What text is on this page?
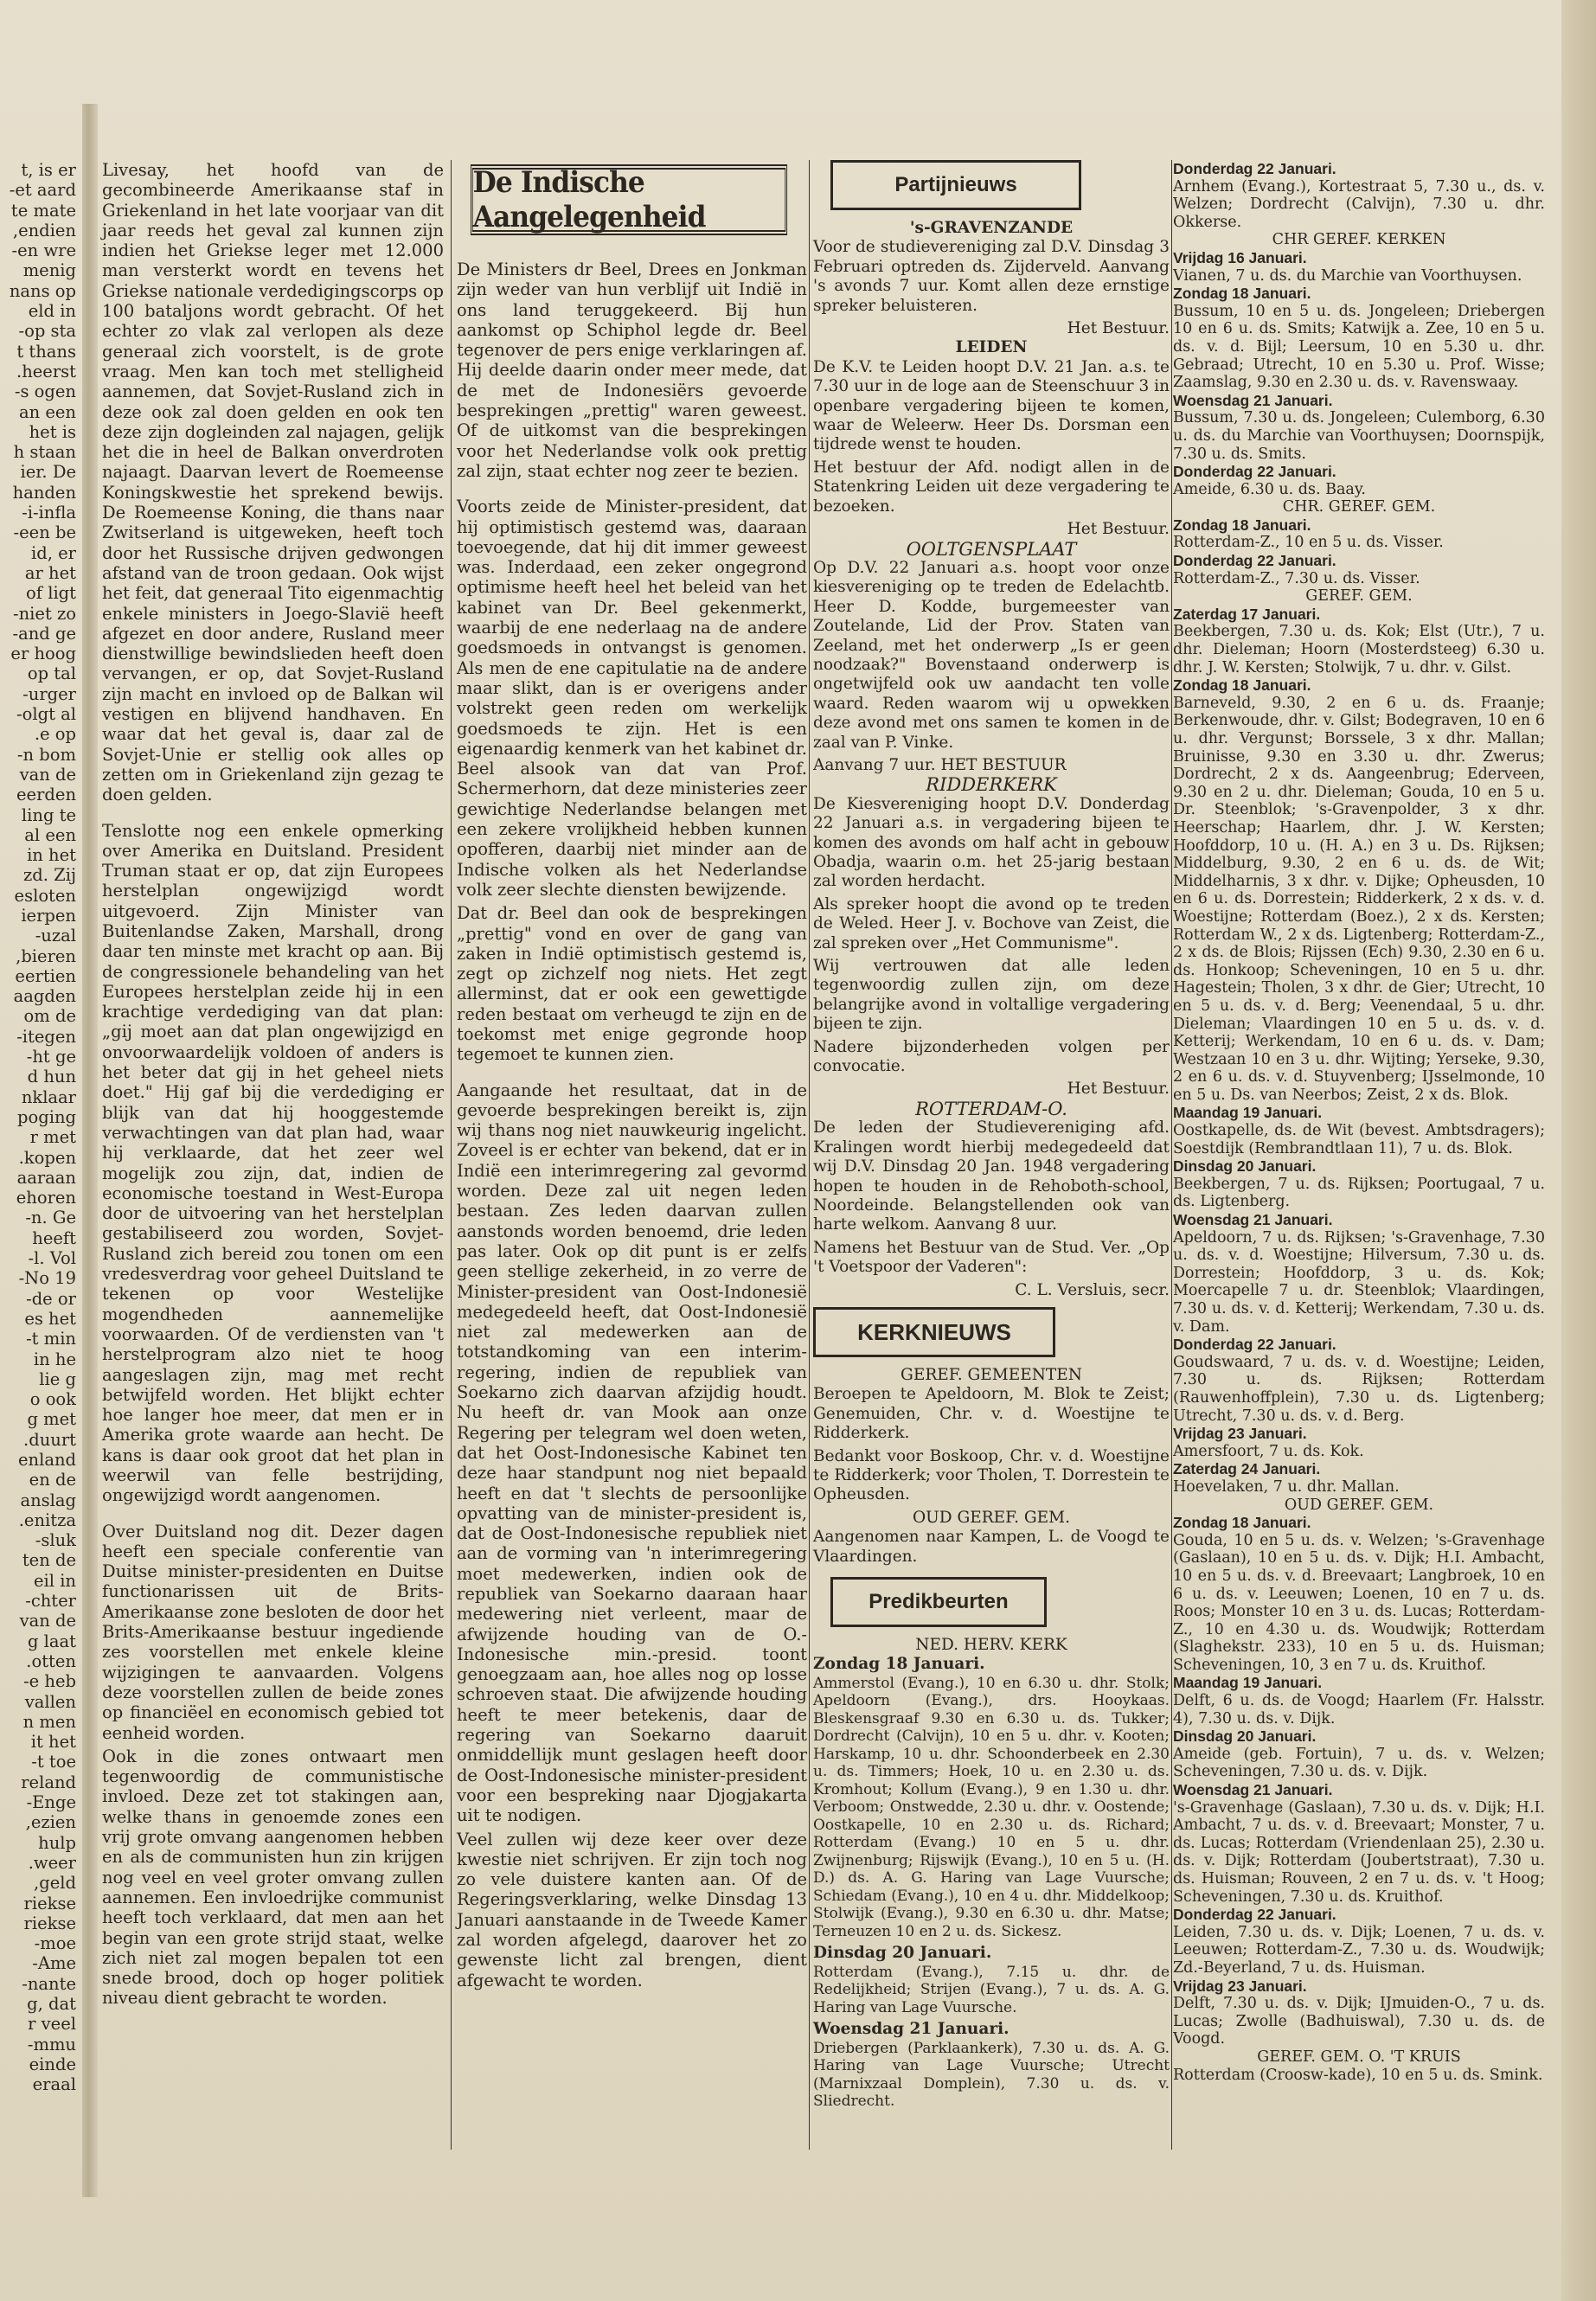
t, is er
et aard-
te mate
endien,
en wre-
menig
nans op
eld in
op sta-
t thans
heerst.
s ogen-
an een
het is
h staan
ier. De
handen
i-infla-
een be-
id, er
ar het
of ligt
niet zo-
and ge-
er hoog
op tal
urger-
olgt al-
e op.
n bom-
van de
eerden
ling te
al een
in het
zd. Zij
esloten
ierpen
uzal-
bieren,
eertien
aagden
om de
itegen-
ht ge-
d hun
nklaar
poging
r met
kopen.
aaraan
ehoren
n. Ge-
heeft
l. Vol-
19 No-
de or-
es het
t min-
in he
lie g
o ook
g met
duurt.
enland
en de
anslag
enitza.
sluk-
ten de
eil in
chter-
van de
g laat
otten.
e heb-
vallen
n men
it het
t toe-
reland
Enge-
ezien,
hulp
weer.
geld,
riekse
riekse
moe-
Ame-
nante-
g, dat
r veel
mmu-
einde
eraal

Livesay, het hoofd van de gecombineerde Amerikaanse staf in Griekenland in het late voorjaar van dit jaar reeds het geval zal kunnen zijn indien het Griekse leger met 12.000 man versterkt wordt en tevens het Griekse nationale verdedigingscorps op 100 bataljons wordt gebracht. Of het echter zo vlak zal verlopen als deze generaal zich voorstelt, is de grote vraag. Men kan toch met stelligheid aannemen, dat Sovjet-Rusland zich in deze ook zal doen gelden en ook ten deze zijn dogleinden zal najagen, gelijk het die in heel de Balkan onverdroten najaagt. Daarvan levert de Roemeense Koningskwestie het sprekend bewijs. De Roemeense Koning, die thans naar Zwitserland is uitgeweken, heeft toch door het Russische drijven gedwongen afstand van de troon gedaan. Ook wijst het feit, dat generaal Tito eigenmachtig enkele ministers in Joego-Slavië heeft afgezet en door andere, Rusland meer dienstwillige bewindslieden heeft doen vervangen, er op, dat Sovjet-Rusland zijn macht en invloed op de Balkan wil vestigen en blijvend handhaven. En waar dat het geval is, daar zal de Sovjet-Unie er stellig ook alles op zetten om in Griekenland zijn gezag te doen gelden.

Tenslotte nog een enkele opmerking over Amerika en Duitsland. President Truman staat er op, dat zijn Europees herstelplan ongewijzigd wordt uitgevoerd. Zijn Minister van Buitenlandse Zaken, Marshall, drong daar ten minste met kracht op aan. Bij de congressionele behandeling van het Europees herstelplan zeide hij in een krachtige verdediging van dat plan: „gij moet aan dat plan ongewijzigd en onvoorwaardelijk voldoen of anders is het beter dat gij in het geheel niets doet." Hij gaf bij die verdediging er blijk van dat hij hooggestemde verwachtingen van dat plan had, waar hij verklaarde, dat het zeer wel mogelijk zou zijn, dat, indien de economische toestand in West-Europa door de uitvoering van het herstelplan gestabiliseerd zou worden, Sovjet-Rusland zich bereid zou tonen om een vredesverdrag voor geheel Duitsland te tekenen op voor Westelijke mogendheden aannemelijke voorwaarden. Of de verdiensten van 't herstelprogram alzo niet te hoog aangeslagen zijn, mag met recht betwijfeld worden. Het blijkt echter hoe langer hoe meer, dat men er in Amerika grote waarde aan hecht. De kans is daar ook groot dat het plan in weerwil van felle bestrijding, ongewijzigd wordt aangenomen.

Over Duitsland nog dit. Dezer dagen heeft een speciale conferentie van Duitse minister-presidenten en Duitse functionarissen uit de Brits-Amerikaanse zone besloten de door het Brits-Amerikaanse bestuur ingediende zes voorstellen met enkele kleine wijzigingen te aanvaarden. Volgens deze voorstellen zullen de beide zones op financiëel en economisch gebied tot eenheid worden.

Ook in die zones ontwaart men tegenwoordig de communistische invloed. Deze zet tot stakingen aan, welke thans in genoemde zones een vrij grote omvang aangenomen hebben en als de communisten hun zin krijgen nog veel en veel groter omvang zullen aannemen. Een invloedrijke communist heeft toch verklaard, dat men aan het begin van een grote strijd staat, welke zich niet zal mogen bepalen tot een snede brood, doch op hoger politiek niveau dient gebracht te worden.

De Indische Aangelegenheid

De Ministers dr Beel, Drees en Jonkman zijn weder van hun verblijf uit Indië in ons land teruggekeerd. Bij hun aankomst op Schiphol legde dr. Beel tegenover de pers enige verklaringen af. Hij deelde daarin onder meer mede, dat de met de Indonesiërs gevoerde besprekingen „prettig" waren geweest. Of de uitkomst van die besprekingen voor het Nederlandse volk ook prettig zal zijn, staat echter nog zeer te bezien.

Voorts zeide de Minister-president, dat hij optimistisch gestemd was, daaraan toevoegende, dat hij dit immer geweest was. Inderdaad, een zeker ongegrond optimisme heeft heel het beleid van het kabinet van Dr. Beel gekenmerkt, waarbij de ene nederlaag na de andere goedsmoeds in ontvangst is genomen. Als men de ene capitulatie na de andere maar slikt, dan is er overigens ander volstrekt geen reden om werkelijk goedsmoeds te zijn. Het is een eigenaardig kenmerk van het kabinet dr. Beel alsook van dat van Prof. Schermerhorn, dat deze ministeries zeer gewichtige Nederlandse belangen met een zekere vrolijkheid hebben kunnen opofferen, daarbij niet minder aan de Indische volken als het Nederlandse volk zeer slechte diensten bewijzende.

Dat dr. Beel dan ook de besprekingen „prettig" vond en over de gang van zaken in Indië optimistisch gestemd is, zegt op zichzelf nog niets. Het zegt allerminst, dat er ook een gewettigde reden bestaat om verheugd te zijn en de toekomst met enige gegronde hoop tegemoet te kunnen zien.

Aangaande het resultaat, dat in de gevoerde besprekingen bereikt is, zijn wij thans nog niet nauwkeurig ingelicht. Zoveel is er echter van bekend, dat er in Indië een interimregering zal gevormd worden. Deze zal uit negen leden bestaan. Zes leden daarvan zullen aanstonds worden benoemd, drie leden pas later. Ook op dit punt is er zelfs geen stellige zekerheid, in zo verre de Minister-president van Oost-Indonesië medegedeeld heeft, dat Oost-Indonesië niet zal medewerken aan de totstandkoming van een interim-regering, indien de republiek van Soekarno zich daarvan afzijdig houdt. Nu heeft dr. van Mook aan onze Regering per telegram wel doen weten, dat het Oost-Indonesische Kabinet ten deze haar standpunt nog niet bepaald heeft en dat 't slechts de persoonlijke opvatting van de minister-president is, dat de Oost-Indonesische republiek niet aan de vorming van 'n interimregering moet medewerken, indien ook de republiek van Soekarno daaraan haar medewering niet verleent, maar de afwijzende houding van de O.-Indonesische min.-presid. toont genoegzaam aan, hoe alles nog op losse schroeven staat. Die afwijzende houding heeft te meer betekenis, daar de regering van Soekarno daaruit onmiddellijk munt geslagen heeft door de Oost-Indonesische minister-president voor een bespreking naar Djogjakarta uit te nodigen.

Veel zullen wij deze keer over deze kwestie niet schrijven. Er zijn toch nog zo vele duistere kanten aan. Of de Regeringsverklaring, welke Dinsdag 13 Januari aanstaande in de Tweede Kamer zal worden afgelegd, daarover het zo gewenste licht zal brengen, dient afgewacht te worden.

Partijnieuws
's-GRAVENZANDE

Voor de studievereniging zal D.V. Dinsdag 3 Februari optreden ds. Zijderveld. Aanvang 's avonds 7 uur. Komt allen deze ernstige spreker beluisteren.

Het Bestuur.
LEIDEN

De K.V. te Leiden hoopt D.V. 21 Jan. a.s. te 7.30 uur in de loge aan de Steenschuur 3 in openbare vergadering bijeen te komen, waar de Weleerw. Heer Ds. Dorsman een tijdrede wenst te houden.

Het bestuur der Afd. nodigt allen in de Statenkring Leiden uit deze vergadering te bezoeken.

Het Bestuur.
OOLTGENSPLAAT

Op D.V. 22 Januari a.s. hoopt voor onze kiesvereniging op te treden de Edelachtb. Heer D. Kodde, burgemeester van Zoutelande, Lid der Prov. Staten van Zeeland, met het onderwerp „Is er geen noodzaak?" Bovenstaand onderwerp is ongetwijfeld ook uw aandacht ten volle waard. Reden waarom wij u opwekken deze avond met ons samen te komen in de zaal van P. Vinke.

Aanvang 7 uur. HET BESTUUR
RIDDERKERK

De Kiesvereniging hoopt D.V. Donderdag 22 Januari a.s. in vergadering bijeen te komen des avonds om half acht in gebouw Obadja, waarin o.m. het 25-jarig bestaan zal worden herdacht.

Als spreker hoopt die avond op te treden de Weled. Heer J. v. Bochove van Zeist, die zal spreken over „Het Communisme".

Wij vertrouwen dat alle leden tegenwoordig zullen zijn, om deze belangrijke avond in voltallige vergadering bijeen te zijn.

Nadere bijzonderheden volgen per convocatie.

Het Bestuur.
ROTTERDAM-O.

De leden der Studievereniging afd. Kralingen wordt hierbij medegedeeld dat wij D.V. Dinsdag 20 Jan. 1948 vergadering hopen te houden in de Rehoboth-school, Noordeinde. Belangstellenden ook van harte welkom. Aanvang 8 uur.

Namens het Bestuur van de Stud. Ver. „Op 't Voetspoor der Vaderen":

C. L. Versluis, secr.
KERKNIEUWS
GEREF. GEMEENTEN

Beroepen te Apeldoorn, M. Blok te Zeist; Genemuiden, Chr. v. d. Woestijne te Ridderkerk.

Bedankt voor Boskoop, Chr. v. d. Woestijne te Ridderkerk; voor Tholen, T. Dorrestein te Opheusden.

OUD GEREF. GEM.

Aangenomen naar Kampen, L. de Voogd te Vlaardingen.

Predikbeurten
NED. HERV. KERK
Zondag 18 Januari.

Ammerstol (Evang.), 10 en 6.30 u. dhr. Stolk; Apeldoorn (Evang.), drs. Hooykaas. Bleskensgraaf 9.30 en 6.30 u. ds. Tukker; Dordrecht (Calvijn), 10 en 5 u. dhr. v. Kooten; Harskamp, 10 u. dhr. Schoonderbeek en 2.30 u. ds. Timmers; Hoek, 10 u. en 2.30 u. ds. Kromhout; Kollum (Evang.), 9 en 1.30 u. dhr. Verboom; Onstwedde, 2.30 u. dhr. v. Oostende; Oostkapelle, 10 en 2.30 u. ds. Richard; Rotterdam (Evang.) 10 en 5 u. dhr. Zwijnenburg; Rijswijk (Evang.), 10 en 5 u. (H. D.) ds. A. G. Haring van Lage Vuursche; Schiedam (Evang.), 10 en 4 u. dhr. Middelkoop; Stolwijk (Evang.), 9.30 en 6.30 u. dhr. Matse; Terneuzen 10 en 2 u. ds. Sickesz.

Dinsdag 20 Januari.

Rotterdam (Evang.), 7.15 u. dhr. de Redelijkheid; Strijen (Evang.), 7 u. ds. A. G. Haring van Lage Vuursche.

Woensdag 21 Januari.

Driebergen (Parklaankerk), 7.30 u. ds. A. G. Haring van Lage Vuursche; Utrecht (Marnixzaal Domplein), 7.30 u. ds. v. Sliedrecht.

Donderdag 22 Januari.
Arnhem (Evang.), Kortestraat 5, 7.30 u., ds. v. Welzen; Dordrecht (Calvijn), 7.30 u. dhr. Okkerse.
CHR GEREF. KERKEN
Vrijdag 16 Januari.
Vianen, 7 u. ds. du Marchie van Voorthuysen.
Zondag 18 Januari.
Bussum, 10 en 5 u. ds. Jongeleen; Driebergen 10 en 6 u. ds. Smits; Katwijk a. Zee, 10 en 5 u. ds. v. d. Bijl; Leersum, 10 en 5.30 u. dhr. Gebraad; Utrecht, 10 en 5.30 u. Prof. Wisse; Zaamslag, 9.30 en 2.30 u. ds. v. Ravenswaay.
Woensdag 21 Januari.
Bussum, 7.30 u. ds. Jongeleen; Culemborg, 6.30 u. ds. du Marchie van Voorthuysen; Doornspijk, 7.30 u. ds. Smits.
Donderdag 22 Januari.
Ameide, 6.30 u. ds. Baay.
CHR. GEREF. GEM.
Zondag 18 Januari.
Rotterdam-Z., 10 en 5 u. ds. Visser.
Donderdag 22 Januari.
Rotterdam-Z., 7.30 u. ds. Visser.
GEREF. GEM.
Zaterdag 17 Januari.
Beekbergen, 7.30 u. ds. Kok; Elst (Utr.), 7 u. dhr. Dieleman; Hoorn (Mosterdsteeg) 6.30 u. dhr. J. W. Kersten; Stolwijk, 7 u. dhr. v. Gilst.
Zondag 18 Januari.
Barneveld, 9.30, 2 en 6 u. ds. Fraanje; Berkenwoude, dhr. v. Gilst; Bodegraven, 10 en 6 u. dhr. Vergunst; Borssele, 3 x dhr. Mallan; Bruinisse, 9.30 en 3.30 u. dhr. Zwerus; Dordrecht, 2 x ds. Aangeenbrug; Ederveen, 9.30 en 2 u. dhr. Dieleman; Gouda, 10 en 5 u. Dr. Steenblok; 's-Gravenpolder, 3 x dhr. Heerschap; Haarlem, dhr. J. W. Kersten; Hoofddorp, 10 u. (H. A.) en 3 u. Ds. Rijksen; Middelburg, 9.30, 2 en 6 u. ds. de Wit; Middelharnis, 3 x dhr. v. Dijke; Opheusden, 10 en 6 u. ds. Dorrestein; Ridderkerk, 2 x ds. v. d. Woestijne; Rotterdam (Boez.), 2 x ds. Kersten; Rotterdam W., 2 x ds. Ligtenberg; Rotterdam-Z., 2 x ds. de Blois; Rijssen (Ech) 9.30, 2.30 en 6 u. ds. Honkoop; Scheveningen, 10 en 5 u. dhr. Hagestein; Tholen, 3 x dhr. de Gier; Utrecht, 10 en 5 u. ds. v. d. Berg; Veenendaal, 5 u. dhr. Dieleman; Vlaardingen 10 en 5 u. ds. v. d. Ketterij; Werkendam, 10 en 6 u. ds. v. Dam; Westzaan 10 en 3 u. dhr. Wijting; Yerseke, 9.30, 2 en 6 u. ds. v. d. Stuyvenberg; IJsselmonde, 10 en 5 u. Ds. van Neerbos; Zeist, 2 x ds. Blok.
Maandag 19 Januari.
Oostkapelle, ds. de Wit (bevest. Ambtsdragers); Soestdijk (Rembrandtlaan 11), 7 u. ds. Blok.
Dinsdag 20 Januari.
Beekbergen, 7 u. ds. Rijksen; Poortugaal, 7 u. ds. Ligtenberg.
Woensdag 21 Januari.
Apeldoorn, 7 u. ds. Rijksen; 's-Gravenhage, 7.30 u. ds. v. d. Woestijne; Hilversum, 7.30 u. ds. Dorrestein; Hoofddorp, 3 u. ds. Kok; Moercapelle 7 u. dr. Steenblok; Vlaardingen, 7.30 u. ds. v. d. Ketterij; Werkendam, 7.30 u. ds. v. Dam.
Donderdag 22 Januari.
Goudswaard, 7 u. ds. v. d. Woestijne; Leiden, 7.30 u. ds. Rijksen; Rotterdam (Rauwenhoffplein), 7.30 u. ds. Ligtenberg; Utrecht, 7.30 u. ds. v. d. Berg.
Vrijdag 23 Januari.
Amersfoort, 7 u. ds. Kok.
Zaterdag 24 Januari.
Hoevelaken, 7 u. dhr. Mallan.
OUD GEREF. GEM.
Zondag 18 Januari.
Gouda, 10 en 5 u. ds. v. Welzen; 's-Gravenhage (Gaslaan), 10 en 5 u. ds. v. Dijk; H.I. Ambacht, 10 en 5 u. ds. v. d. Breevaart; Langbroek, 10 en 6 u. ds. v. Leeuwen; Loenen, 10 en 7 u. ds. Roos; Monster 10 en 3 u. ds. Lucas; Rotterdam-Z., 10 en 4.30 u. ds. Woudwijk; Rotterdam (Slaghekstr. 233), 10 en 5 u. ds. Huisman; Scheveningen, 10, 3 en 7 u. ds. Kruithof.
Maandag 19 Januari.
Delft, 6 u. ds. de Voogd; Haarlem (Fr. Halsstr. 4), 7.30 u. ds. v. Dijk.
Dinsdag 20 Januari.
Ameide (geb. Fortuin), 7 u. ds. v. Welzen; Scheveningen, 7.30 u. ds. v. Dijk.
Woensdag 21 Januari.
's-Gravenhage (Gaslaan), 7.30 u. ds. v. Dijk; H.I. Ambacht, 7 u. ds. v. d. Breevaart; Monster, 7 u. ds. Lucas; Rotterdam (Vriendenlaan 25), 2.30 u. ds. v. Dijk; Rotterdam (Joubertstraat), 7.30 u. ds. Huisman; Rouveen, 2 en 7 u. ds. v. 't Hoog; Scheveningen, 7.30 u. ds. Kruithof.
Donderdag 22 Januari.
Leiden, 7.30 u. ds. v. Dijk; Loenen, 7 u. ds. v. Leeuwen; Rotterdam-Z., 7.30 u. ds. Woudwijk; Zd.-Beyerland, 7 u. ds. Huisman.
Vrijdag 23 Januari.
Delft, 7.30 u. ds. v. Dijk; IJmuiden-O., 7 u. ds. Lucas; Zwolle (Badhuiswal), 7.30 u. ds. de Voogd.
GEREF. GEM. O. 'T KRUIS
Rotterdam (Croosw-kade), 10 en 5 u. ds. Smink.
